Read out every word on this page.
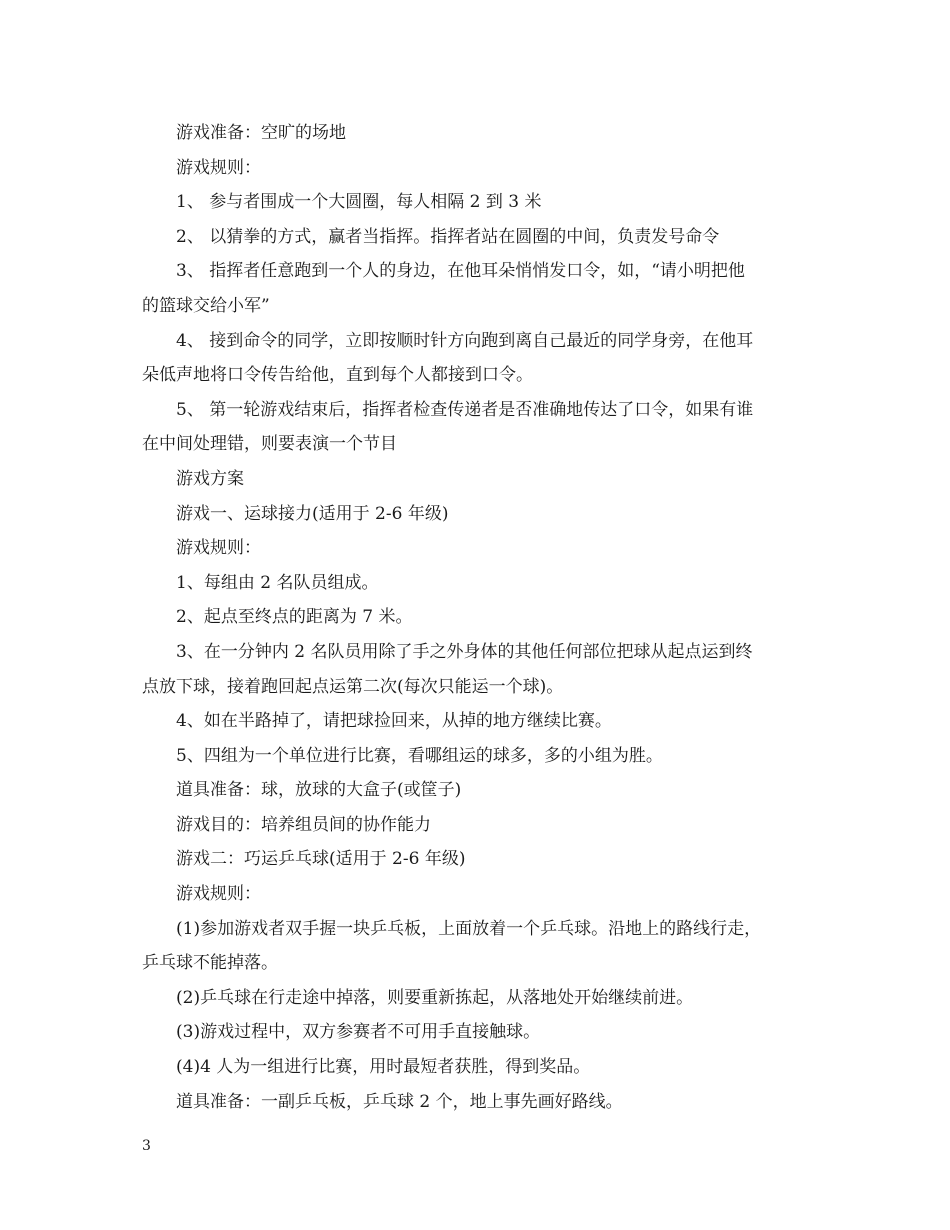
游戏准备：空旷的场地

游戏规则：

1、 参与者围成一个大圆圈，每人相隔 2 到 3 米

2、 以猜拳的方式，赢者当指挥。指挥者站在圆圈的中间，负责发号命令

3、 指挥者任意跑到一个人的身边，在他耳朵悄悄发口令，如，“请小明把他

的篮球交给小军”

4、 接到命令的同学，立即按顺时针方向跑到离自己最近的同学身旁，在他耳

朵低声地将口令传告给他，直到每个人都接到口令。

5、 第一轮游戏结束后，指挥者检查传递者是否准确地传达了口令，如果有谁

在中间处理错，则要表演一个节目

游戏方案

游戏一、运球接力(适用于 2-6 年级)

游戏规则：

1、每组由 2 名队员组成。

2、起点至终点的距离为 7 米。

3、在一分钟内 2 名队员用除了手之外身体的其他任何部位把球从起点运到终

点放下球，接着跑回起点运第二次(每次只能运一个球)。

4、如在半路掉了，请把球捡回来，从掉的地方继续比赛。

5、四组为一个单位进行比赛，看哪组运的球多，多的小组为胜。

道具准备：球，放球的大盒子(或筐子)

游戏目的：培养组员间的协作能力

游戏二：巧运乒乓球(适用于 2-6 年级)

游戏规则：

(1)参加游戏者双手握一块乒乓板，上面放着一个乒乓球。沿地上的路线行走，

乒乓球不能掉落。

(2)乒乓球在行走途中掉落，则要重新拣起，从落地处开始继续前进。

(3)游戏过程中，双方参赛者不可用手直接触球。

(4)4 人为一组进行比赛，用时最短者获胜，得到奖品。

道具准备：一副乒乓板，乒乓球 2 个，地上事先画好路线。

3
